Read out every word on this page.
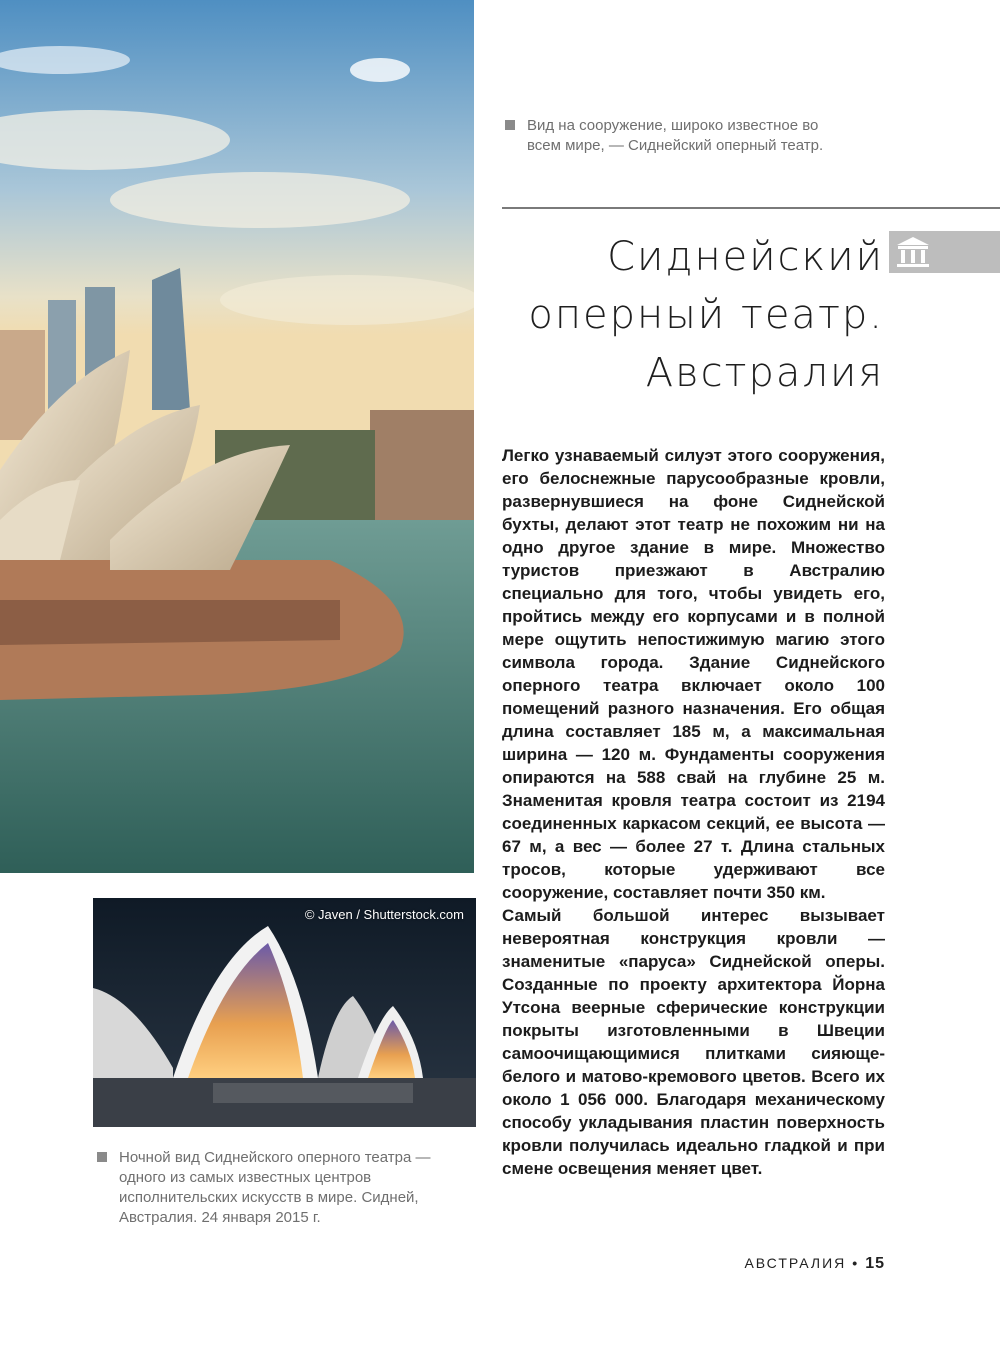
© Javen / Shutterstock.com
Вид на сооружение, широко известное во всем мире, — Сиднейский оперный театр.
Сиднейский
оперный театр.
Австралия

Легко узнаваемый силуэт этого сооружения, его белоснежные парусообразные кровли, развернувшиеся на фоне Сиднейской бухты, делают этот театр не похожим ни на одно другое здание в мире. Множество туристов приезжают в Австралию специально для того, чтобы увидеть его, пройтись между его корпусами и в полной мере ощутить непостижимую магию этого символа города. Здание Сиднейского оперного театра включает около 100 помещений разного назначения. Его общая длина составляет 185 м, а максимальная ширина — 120 м. Фундаменты сооружения опираются на 588 свай на глубине 25 м. Знаменитая кровля театра состоит из 2194 соединенных каркасом секций, ее высота — 67 м, а вес — более 27 т. Длина стальных тросов, которые удерживают все сооружение, составляет почти 350 км.

Самый большой интерес вызывает невероятная конструкция кровли — знаменитые «паруса» Сиднейской оперы. Созданные по проекту архитектора Йорна Утсона веерные сферические конструкции покрыты изготовленными в Швеции самоочищающимися плитками сияюще-белого и матово-кремового цветов. Всего их около 1 056 000. Благодаря механическому способу укладывания пластин поверхность кровли получилась идеально гладкой и при смене освещения меняет цвет.

Ночной вид Сиднейского оперного театра — одного из самых известных центров исполнительских искусств в мире. Сидней, Австралия. 24 января 2015 г.
АВСТРАЛИЯ • 15
